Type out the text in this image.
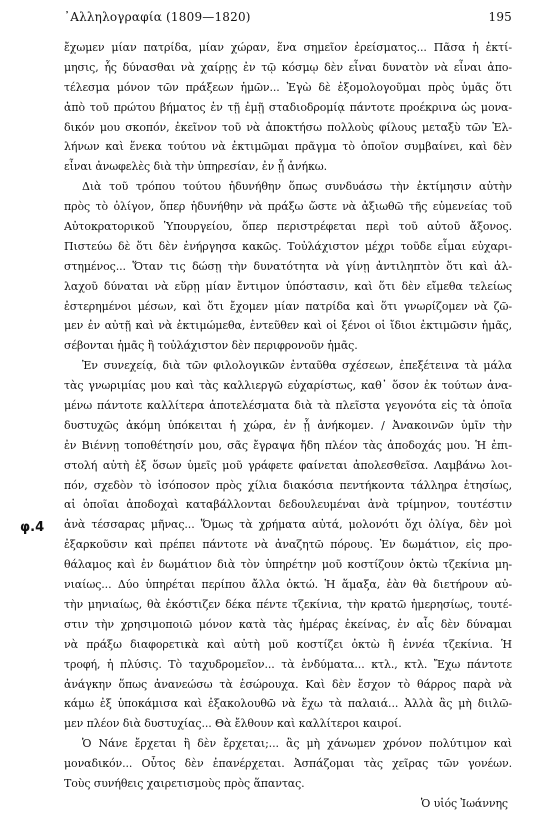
᾽Αλληλογραφία (1809—1820)	195
φ.4
ἔχωμεν μίαν πατρίδα, μίαν χώραν, ἕνα σημεῖον ἐρείσματος... Πᾶσα ἡ ἐκτί-
μησις, ἧς δύνασθαι νὰ χαίρῃς ἐν τῷ κόσμῳ δὲν εἶναι δυνατὸν νὰ εἶναι ἀπο-
τέλεσμα μόνον τῶν πράξεων ἡμῶν... Ἐγὼ δὲ ἐξομολογοῦμαι πρὸς ὑμᾶς ὅτι
ἀπὸ τοῦ πρώτου βήματος ἐν τῇ ἐμῇ σταδιοδρομίᾳ πάντοτε προέκρινα ὡς μονα-
δικόν μου σκοπόν, ἐκεῖνον τοῦ νὰ ἀποκτήσω πολλοὺς φίλους μεταξὺ τῶν Ἑλ-
λήνων καὶ ἕνεκα τούτου νὰ ἐκτιμῶμαι πρᾶγμα τὸ ὁποῖον συμβαίνει, καὶ δὲν
εἶναι ἀνωφελὲς διὰ τὴν ὑπηρεσίαν, ἐν ᾗ ἀνήκω.
Διὰ τοῦ τρόπου τούτου ἠδυνήθην ὅπως συνδυάσω τὴν ἐκτίμησιν αὐτὴν
πρὸς τὸ ὀλίγον, ὅπερ ἠδυνήθην νὰ πράξω ὥστε νὰ ἀξιωθῶ τῆς εὐμενείας τοῦ
Αὐτοκρατορικοῦ Ὑπουργείου, ὅπερ περιστρέφεται περὶ τοῦ αὐτοῦ ἄξονος.
Πιστεύω δὲ ὅτι δὲν ἐνήργησα κακῶς. Τοὐλάχιστον μέχρι τοῦδε εἶμαι εὐχαρι-
στημένος... Ὅταν τις δώσῃ τὴν δυνατότητα νὰ γίνῃ ἀντιληπτὸν ὅτι καὶ ἀλ-
λαχοῦ δύναται νὰ εὕρῃ μίαν ἔντιμον ὑπόστασιν, καὶ ὅτι δὲν εἴμεθα τελείως
ἐστερημένοι μέσων, καὶ ὅτι ἔχομεν μίαν πατρίδα καὶ ὅτι γνωρίζομεν νὰ ζῶ-
μεν ἐν αὐτῇ καὶ νὰ ἐκτιμώμεθα, ἐντεῦθεν καὶ οἱ ξένοι οἱ ἴδιοι ἐκτιμῶσιν ἡμᾶς,
σέβονται ἡμᾶς ἢ τοὐλάχιστον δὲν περιφρονοῦν ἡμᾶς.
Ἐν συνεχείᾳ, διὰ τῶν φιλολογικῶν ἐνταῦθα σχέσεων, ἐπεξέτεινα τὰ μάλα
τὰς γνωριμίας μου καὶ τὰς καλλιεργῶ εὐχαρίστως, καθ᾽ ὅσον ἐκ τούτων ἀνα-
μένω πάντοτε καλλίτερα ἀποτελέσματα διὰ τὰ πλεῖστα γεγονότα εἰς τὰ ὁποῖα
δυστυχῶς ἀκόμη ὑπόκειται ἡ χώρα, ἐν ᾗ ἀνήκομεν. / Ἀνακοινῶν ὑμῖν τὴν
ἐν Βιέννῃ τοποθέτησίν μου, σᾶς ἔγραψα ἤδη πλέον τὰς ἀποδοχάς μου. Ἡ ἐπι-
στολή αὐτὴ ἐξ ὅσων ὑμεῖς μοῦ γράφετε φαίνεται ἀπολεσθεῖσα. Λαμβάνω λοι-
πόν, σχεδὸν τὸ ἰσόποσον πρὸς χίλια διακόσια πεντήκοντα τάλληρα ἐτησίως,
αἱ ὁποῖαι ἀποδοχαὶ καταβάλλονται δεδουλευμέναι ἀνὰ τρίμηνον, τουτέστιν
ἀνὰ τέσσαρας μῆνας... Ὅμως τὰ χρήματα αὐτά, μολονότι ὄχι ὀλίγα, δὲν μοὶ
ἐξαρκοῦσιν καὶ πρέπει πάντοτε νὰ ἀναζητῶ πόρους. Ἐν δωμάτιον, εἰς προ-
θάλαμος καὶ ἐν δωμάτιον διὰ τὸν ὑπηρέτην μοῦ κοστίζουν ὀκτὼ τζεκίνια μη-
νιαίως... Δύο ὑπηρέται περίπου ἄλλα ὀκτώ. Ἡ ἅμαξα, ἐὰν θὰ διετήρουν αὐ-
τὴν μηνιαίως, θὰ ἐκόστιζεν δέκα πέντε τζεκίνια, τὴν κρατῶ ἡμερησίως, τουτέ-
στιν τὴν χρησιμοποιῶ μόνον κατὰ τὰς ἡμέρας ἐκείνας, ἐν αἷς δὲν δύναμαι
νὰ πράξω διαφορετικὰ καὶ αὐτὴ μοῦ κοστίζει ὀκτὼ ἢ ἐννέα τζεκίνια. Ἡ
τροφή, ἡ πλύσις. Τὸ ταχυδρομεῖον... τὰ ἐνδύματα... κτλ., κτλ. Ἔχω πάντοτε
ἀνάγκην ὅπως ἀνανεώσω τὰ ἐσώρουχα. Καὶ δὲν ἔσχον τὸ θάρρος παρὰ νὰ
κάμω ἐξ ὑποκάμισα καὶ ἐξακολουθῶ νὰ ἔχω τὰ παλαιά... Ἀλλὰ ἂς μὴ διιλῶ-
μεν πλέον διὰ δυστυχίας... Θὰ ἔλθουν καὶ καλλίτεροι καιροί.
Ὁ Νάνε ἔρχεται ἢ δὲν ἔρχεται;... ἂς μὴ χάνωμεν χρόνον πολύτιμον καὶ
μοναδικόν... Οὗτος δὲν ἐπανέρχεται. Ἀσπάζομαι τὰς χεῖρας τῶν γονέων.
Τοὺς συνήθεις χαιρετισμοὺς πρὸς ἅπαντας.
Ὁ υἱός Ἰωάννης
